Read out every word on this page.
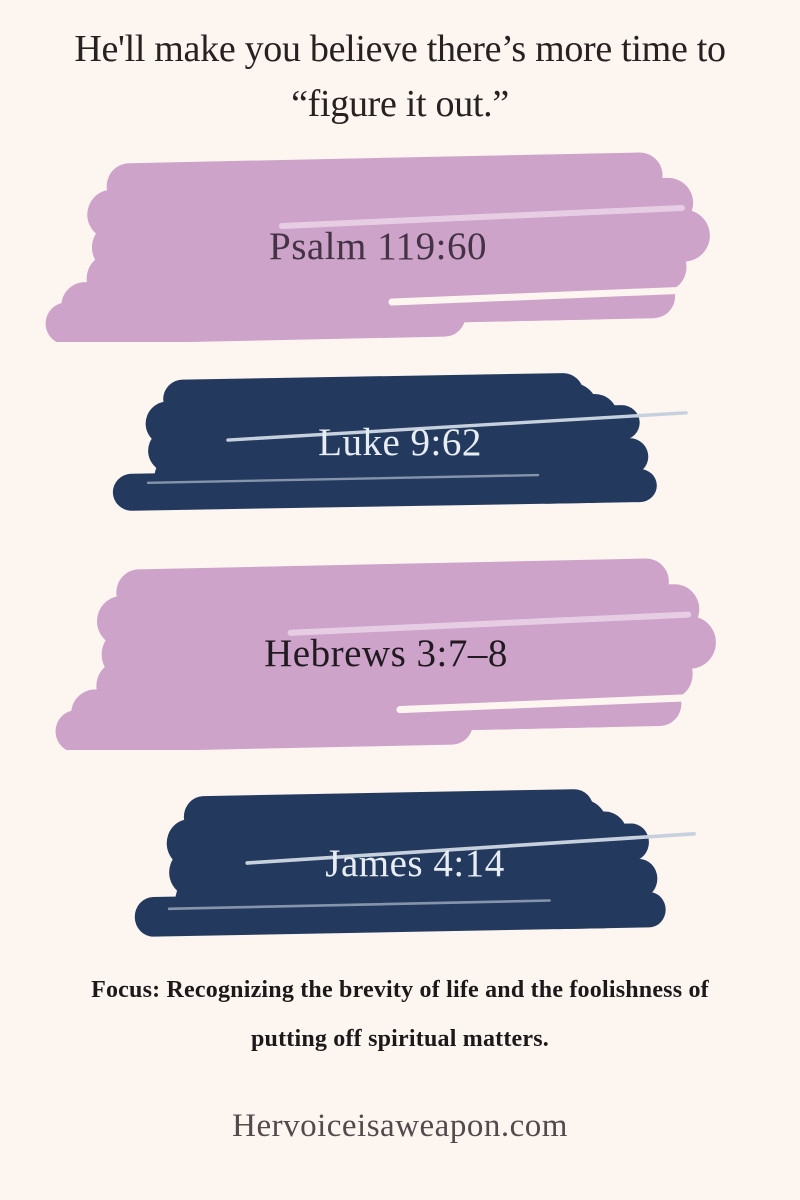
He'll make you believe there’s more time to “figure it out.”
Psalm 119:60
Luke 9:62
Hebrews 3:7–8
James 4:14
Focus: Recognizing the brevity of life and the foolishness of putting off spiritual matters.
Hervoiceisaweapon.com
